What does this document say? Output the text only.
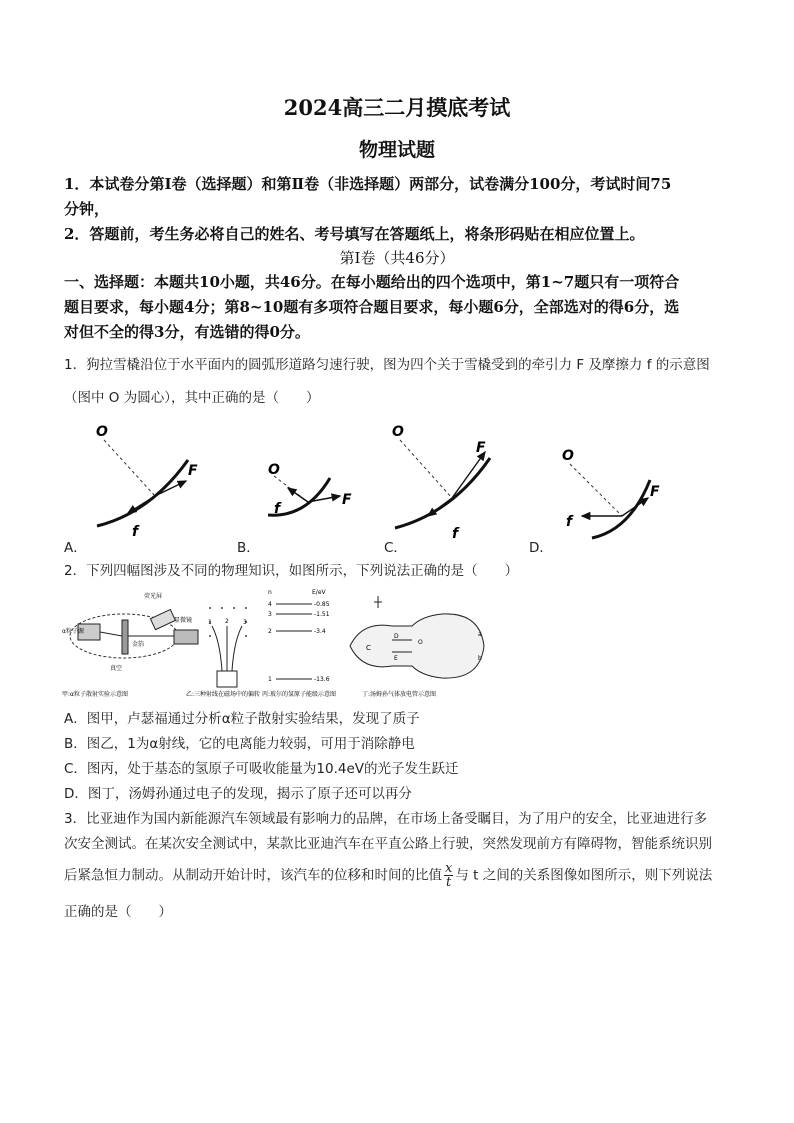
2024高三二月摸底考试
物理试题
1．本试卷分第Ⅰ卷（选择题）和第Ⅱ卷（非选择题）两部分，试卷满分100分，考试时间75
分钟，
2．答题前，考生务必将自己的姓名、考号填写在答题纸上，将条形码贴在相应位置上。
第Ⅰ卷（共46分）
一、选择题：本题共10小题，共46分。在每小题给出的四个选项中，第1~7题只有一项符合
题目要求，每小题4分；第8~10题有多项符合题目要求，每小题6分，全部选对的得6分，选
对但不全的得3分，有选错的得0分。
1．狗拉雪橇沿位于水平面内的圆弧形道路匀速行驶，图为四个关于雪橇受到的牵引力 F 及摩擦力 f 的示意图
（图中 O 为圆心），其中正确的是（　　）
O
F
f
O
f
F
O
F
f
O
f
F
A．	B．	C．	D．
2．下列四幅图涉及不同的物理知识，如图所示，下列说法正确的是（　　）
α粒子源
荧光屏
金箔
显微镜
真空
甲:α粒子散射实验示意图
1 2 3
乙:三种射线在磁场中的偏转
n	E/eV
4	-0.85
3	-1.51
2	-3.4
1	-13.6
丙:玻尔的氢原子能级示意图
C
D
E
O
a
b
丁:汤姆孙气体放电管示意图
A．图甲，卢瑟福通过分析α粒子散射实验结果，发现了质子
B．图乙，1为α射线，它的电离能力较弱，可用于消除静电
C．图丙，处于基态的氢原子可吸收能量为10.4eV的光子发生跃迁
D．图丁，汤姆孙通过电子的发现，揭示了原子还可以再分
3．比亚迪作为国内新能源汽车领域最有影响力的品牌，在市场上备受瞩目，为了用户的安全，比亚迪进行多
次安全测试。在某次安全测试中，某款比亚迪汽车在平直公路上行驶，突然发现前方有障碍物，智能系统识别
后紧急恒力制动。从制动开始计时，该汽车的位移和时间的比值 $\frac{x}{t}$ 与 t 之间的关系图像如图所示，则下列说法
正确的是（　　）
